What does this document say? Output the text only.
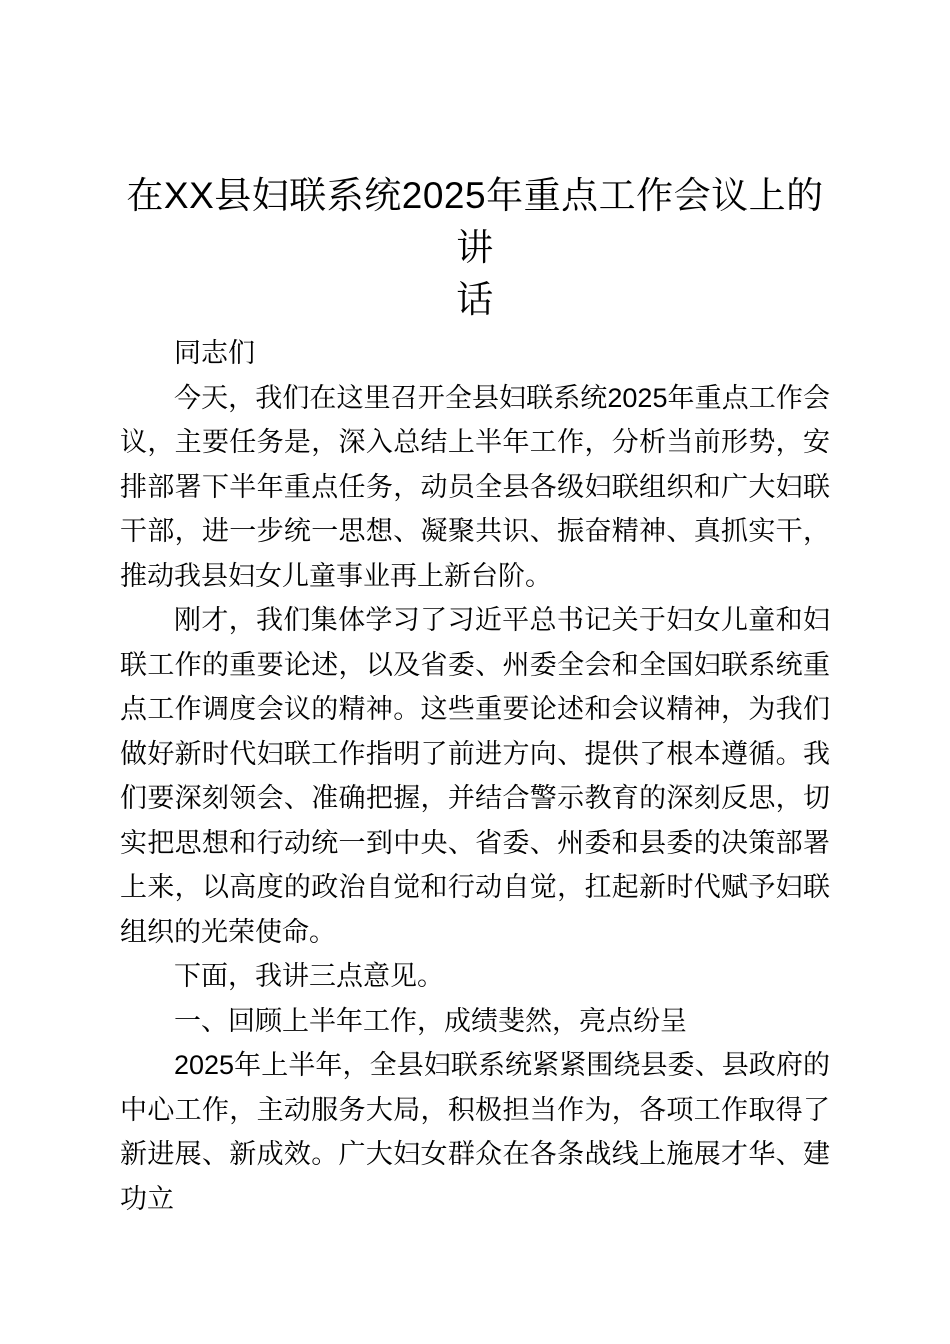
在XX县妇联系统2025年重点工作会议上的讲
话

同志们

今天，我们在这里召开全县妇联系统2025年重点工作会议，主要任务是，深入总结上半年工作，分析当前形势，安排部署下半年重点任务，动员全县各级妇联组织和广大妇联干部，进一步统一思想、凝聚共识、振奋精神、真抓实干，推动我县妇女儿童事业再上新台阶。

刚才，我们集体学习了习近平总书记关于妇女儿童和妇联工作的重要论述，以及省委、州委全会和全国妇联系统重点工作调度会议的精神。这些重要论述和会议精神，为我们做好新时代妇联工作指明了前进方向、提供了根本遵循。我们要深刻领会、准确把握，并结合警示教育的深刻反思，切实把思想和行动统一到中央、省委、州委和县委的决策部署上来，以高度的政治自觉和行动自觉，扛起新时代赋予妇联组织的光荣使命。

下面，我讲三点意见。

一、回顾上半年工作，成绩斐然，亮点纷呈

2025年上半年，全县妇联系统紧紧围绕县委、县政府的中心工作，主动服务大局，积极担当作为，各项工作取得了新进展、新成效。广大妇女群众在各条战线上施展才华、建功立
